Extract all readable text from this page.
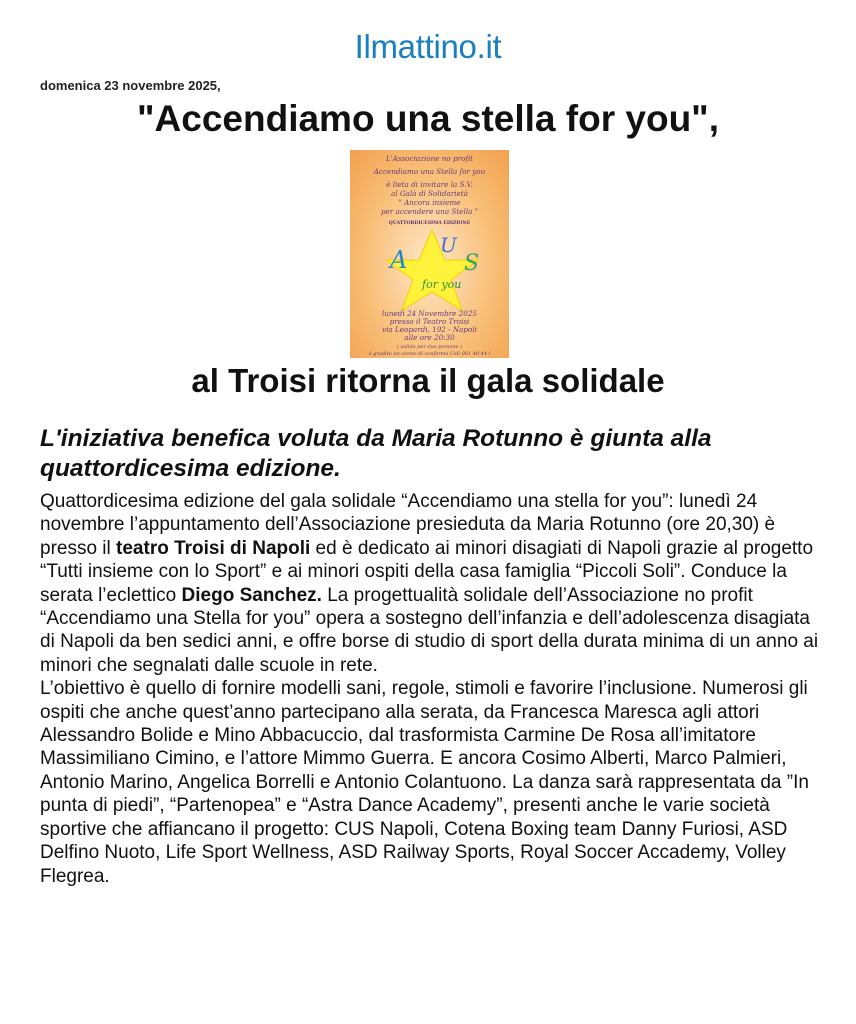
Ilmattino.it
domenica 23 novembre 2025,
"Accendiamo una stella for you",
L'Associazione no profit
Accendiamo una Stella for you
è lieta di invitare la S.V.
al Galà di Solidarietà
" Ancora insieme
per accendere una Stella "
QUATTORDICESIMA EDIZIONE
A
U
S
for you
lunedì 24 Novembre 2025
presso il Teatro Troisi
via Leopardi, 192 - Napoli
alle ore 20:30
( valido per due persone )
è gradito un cenno di conferma Cell 081 40 44 /
al Troisi ritorna il gala solidale
L'iniziativa benefica voluta da Maria Rotunno è giunta alla quattordicesima edizione.

Quattordicesima edizione del gala solidale “Accendiamo una stella for you”: lunedì 24 novembre l’appuntamento dell’Associazione presieduta da Maria Rotunno (ore 20,30) è presso il teatro Troisi di Napoli ed è dedicato ai minori disagiati di Napoli grazie al progetto “Tutti insieme con lo Sport” e ai minori ospiti della casa famiglia “Piccoli Soli”. Conduce la serata l’eclettico Diego Sanchez. La progettualità solidale dell’Associazione no profit “Accendiamo una Stella for you” opera a sostegno dell’infanzia e dell’adolescenza disagiata di Napoli da ben sedici anni, e offre borse di studio di sport della durata minima di un anno ai minori che segnalati dalle scuole in rete.

L’obiettivo è quello di fornire modelli sani, regole, stimoli e favorire l’inclusione. Numerosi gli ospiti che anche quest’anno partecipano alla serata, da Francesca Maresca agli attori Alessandro Bolide e Mino Abbacuccio, dal trasformista Carmine De Rosa all’imitatore Massimiliano Cimino, e l’attore Mimmo Guerra. E ancora Cosimo Alberti, Marco Palmieri, Antonio Marino, Angelica Borrelli e Antonio Colantuono. La danza sarà rappresentata da ”In punta di piedi”, “Partenopea” e “Astra Dance Academy”, presenti anche le varie società sportive che affiancano il progetto: CUS Napoli, Cotena Boxing team Danny Furiosi, ASD Delfino Nuoto, Life Sport Wellness, ASD Railway Sports, Royal Soccer Accademy, Volley Flegrea.
